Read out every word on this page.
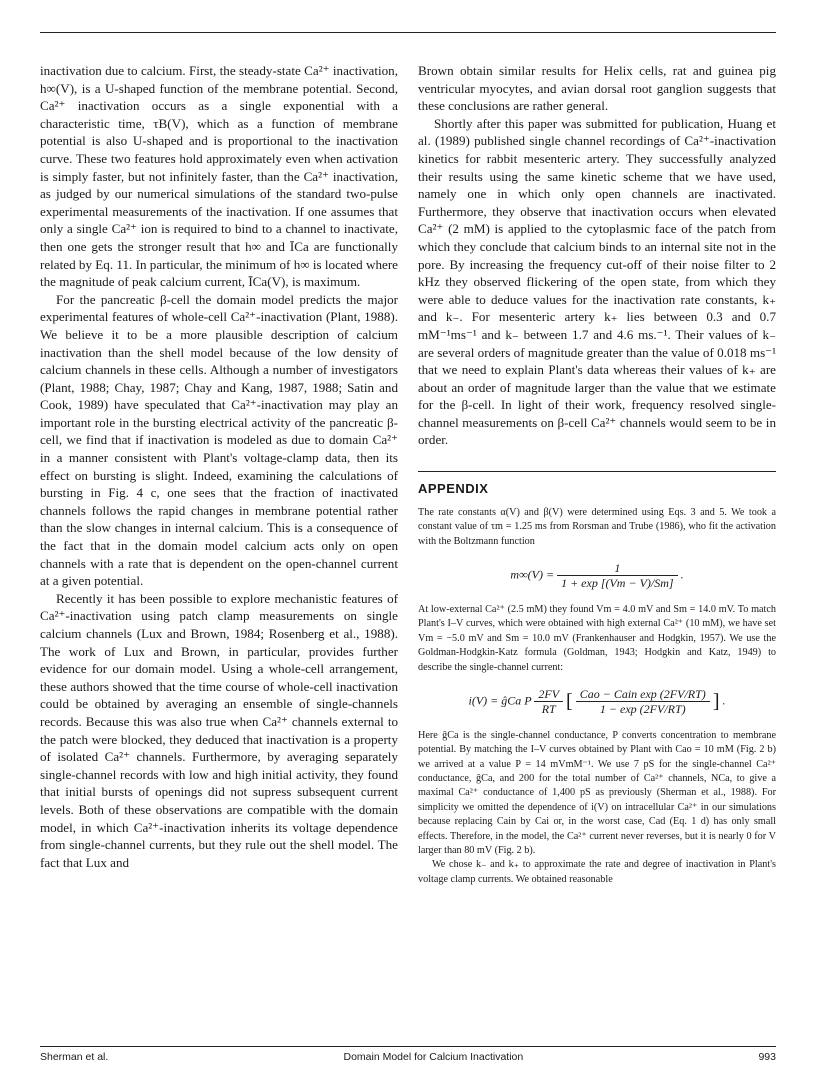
inactivation due to calcium. First, the steady-state Ca²⁺ inactivation, h∞(V), is a U-shaped function of the membrane potential. Second, Ca²⁺ inactivation occurs as a single exponential with a characteristic time, τB(V), which as a function of membrane potential is also U-shaped and is proportional to the inactivation curve. These two features hold approximately even when activation is simply faster, but not infinitely faster, than the Ca²⁺ inactivation, as judged by our numerical simulations of the standard two-pulse experimental measurements of the inactivation. If one assumes that only a single Ca²⁺ ion is required to bind to a channel to inactivate, then one gets the stronger result that h∞ and ĪCa are functionally related by Eq. 11. In particular, the minimum of h∞ is located where the magnitude of peak calcium current, ĪCa(V), is maximum.

For the pancreatic β-cell the domain model predicts the major experimental features of whole-cell Ca²⁺-inactivation (Plant, 1988). We believe it to be a more plausible description of calcium inactivation than the shell model because of the low density of calcium channels in these cells. Although a number of investigators (Plant, 1988; Chay, 1987; Chay and Kang, 1987, 1988; Satin and Cook, 1989) have speculated that Ca²⁺-inactivation may play an important role in the bursting electrical activity of the pancreatic β-cell, we find that if inactivation is modeled as due to domain Ca²⁺ in a manner consistent with Plant's voltage-clamp data, then its effect on bursting is slight. Indeed, examining the calculations of bursting in Fig. 4 c, one sees that the fraction of inactivated channels follows the rapid changes in membrane potential rather than the slow changes in internal calcium. This is a consequence of the fact that in the domain model calcium acts only on open channels with a rate that is dependent on the open-channel current at a given potential.

Recently it has been possible to explore mechanistic features of Ca²⁺-inactivation using patch clamp measurements on single calcium channels (Lux and Brown, 1984; Rosenberg et al., 1988). The work of Lux and Brown, in particular, provides further evidence for our domain model. Using a whole-cell arrangement, these authors showed that the time course of whole-cell inactivation could be obtained by averaging an ensemble of single-channels records. Because this was also true when Ca²⁺ channels external to the patch were blocked, they deduced that inactivation is a property of isolated Ca²⁺ channels. Furthermore, by averaging separately single-channel records with low and high initial activity, they found that initial bursts of openings did not supress subsequent current levels. Both of these observations are compatible with the domain model, in which Ca²⁺-inactivation inherits its voltage dependence from single-channel currents, but they rule out the shell model. The fact that Lux and

Brown obtain similar results for Helix cells, rat and guinea pig ventricular myocytes, and avian dorsal root ganglion suggests that these conclusions are rather general.

Shortly after this paper was submitted for publication, Huang et al. (1989) published single channel recordings of Ca²⁺-inactivation kinetics for rabbit mesenteric artery. They successfully analyzed their results using the same kinetic scheme that we have used, namely one in which only open channels are inactivated. Furthermore, they observe that inactivation occurs when elevated Ca²⁺ (2 mM) is applied to the cytoplasmic face of the patch from which they conclude that calcium binds to an internal site not in the pore. By increasing the frequency cut-off of their noise filter to 2 kHz they observed flickering of the open state, from which they were able to deduce values for the inactivation rate constants, k₊ and k₋. For mesenteric artery k₊ lies between 0.3 and 0.7 mM⁻¹ms⁻¹ and k₋ between 1.7 and 4.6 ms.⁻¹. Their values of k₋ are several orders of magnitude greater than the value of 0.018 ms⁻¹ that we need to explain Plant's data whereas their values of k₊ are about an order of magnitude larger than the value that we estimate for the β-cell. In light of their work, frequency resolved single-channel measurements on β-cell Ca²⁺ channels would seem to be in order.

APPENDIX

The rate constants α(V) and β(V) were determined using Eqs. 3 and 5. We took a constant value of τm = 1.25 ms from Rorsman and Trube (1986), who fit the activation with the Boltzmann function

$m\infty(V) = \frac{1}{1 + \exp [(Vm - V)/Sm]}$ .

At low-external Ca²⁺ (2.5 mM) they found Vm = 4.0 mV and Sm = 14.0 mV. To match Plant's I–V curves, which were obtained with high external Ca²⁺ (10 mM), we have set Vm = −5.0 mV and Sm = 10.0 mV (Frankenhauser and Hodgkin, 1957). We use the Goldman-Hodgkin-Katz formula (Goldman, 1943; Hodgkin and Katz, 1949) to describe the single-channel current:

i(V) = ĝCa P $\frac{2FV}{RT}$ [ $\frac{\text{Cao − Cain exp (2FV/RT)}}{1 - \exp (2FV/RT)}$ ] .

Here ĝCa is the single-channel conductance, P converts concentration to membrane potential. By matching the I–V curves obtained by Plant with Cao = 10 mM (Fig. 2 b) we arrived at a value P = 14 mVmM⁻¹. We use 7 pS for the single-channel Ca²⁺ conductance, ĝCa, and 200 for the total number of Ca²⁺ channels, NCa, to give a maximal Ca²⁺ conductance of 1,400 pS as previously (Sherman et al., 1988). For simplicity we omitted the dependence of i(V) on intracellular Ca²⁺ in our simulations because replacing Cain by Cai or, in the worst case, Cad (Eq. 1 d) has only small effects. Therefore, in the model, the Ca²⁺ current never reverses, but it is nearly 0 for V larger than 80 mV (Fig. 2 b).

We chose k₋ and k₊ to approximate the rate and degree of inactivation in Plant's voltage clamp currents. We obtained reasonable

Sherman et al.	Domain Model for Calcium Inactivation	993
